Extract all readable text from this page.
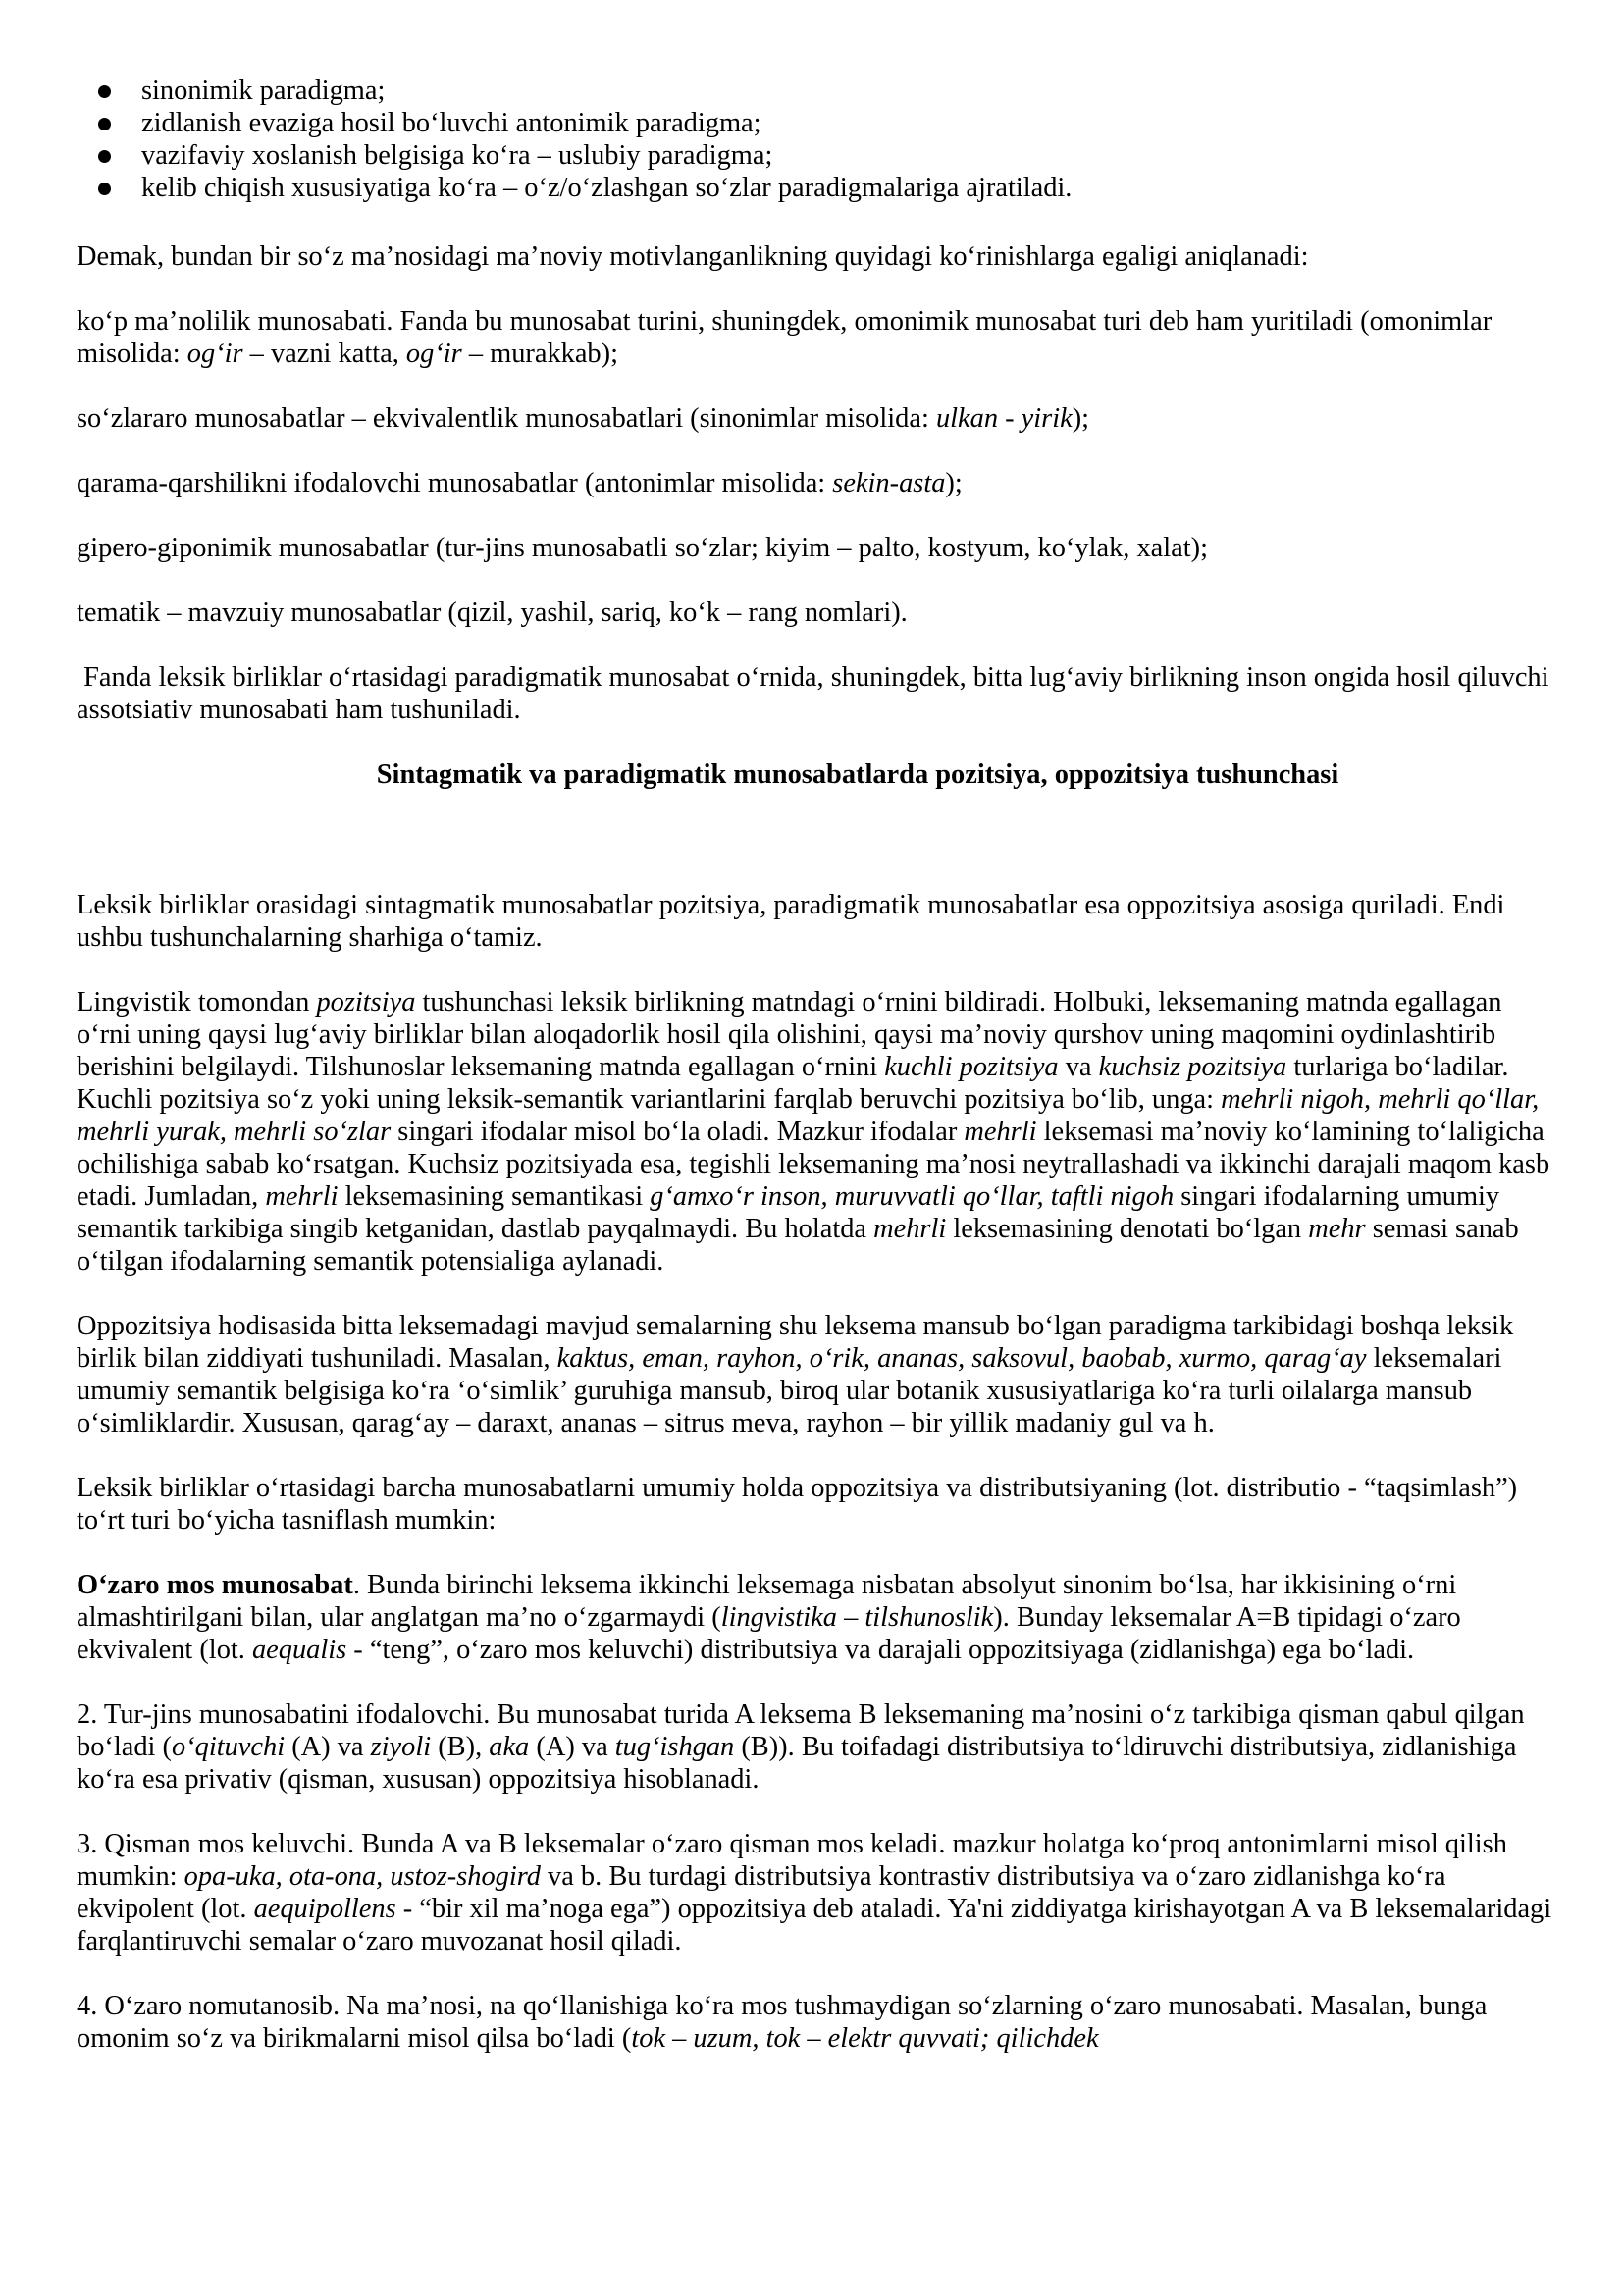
sinonimik paradigma;
zidlanish evaziga hosil bo‘luvchi antonimik paradigma;
vazifaviy xoslanish belgisiga ko‘ra – uslubiy paradigma;
kelib chiqish xususiyatiga ko‘ra – o‘z/o‘zlashgan so‘zlar paradigmalariga ajratiladi.

Demak, bundan bir so‘z ma’nosidagi ma’noviy motivlanganlikning quyidagi ko‘rinishlarga egaligi aniqlanadi:

ko‘p ma’nolilik munosabati. Fanda bu munosabat turini, shuningdek, omonimik munosabat turi deb ham yuritiladi (omonimlar misolida: og‘ir – vazni katta, og‘ir – murakkab);

so‘zlararo munosabatlar – ekvivalentlik munosabatlari (sinonimlar misolida: ulkan - yirik);

qarama-qarshilikni ifodalovchi munosabatlar (antonimlar misolida: sekin-asta);

gipero-giponimik munosabatlar (tur-jins munosabatli so‘zlar; kiyim – palto, kostyum, ko‘ylak, xalat);

tematik – mavzuiy munosabatlar (qizil, yashil, sariq, ko‘k – rang nomlari).

Fanda leksik birliklar o‘rtasidagi paradigmatik munosabat o‘rnida, shuningdek, bitta lug‘aviy birlikning inson ongida hosil qiluvchi assotsiativ munosabati ham tushuniladi.

Sintagmatik va paradigmatik munosabatlarda pozitsiya, oppozitsiya tushunchasi

Leksik birliklar orasidagi sintagmatik munosabatlar pozitsiya, paradigmatik munosabatlar esa oppozitsiya asosiga quriladi. Endi ushbu tushunchalarning sharhiga o‘tamiz.

Lingvistik tomondan pozitsiya tushunchasi leksik birlikning matndagi o‘rnini bildiradi. Holbuki, leksemaning matnda egallagan o‘rni uning qaysi lug‘aviy birliklar bilan aloqadorlik hosil qila olishini, qaysi ma’noviy qurshov uning maqomini oydinlashtirib berishini belgilaydi. Tilshunoslar leksemaning matnda egallagan o‘rnini kuchli pozitsiya va kuchsiz pozitsiya turlariga bo‘ladilar. Kuchli pozitsiya so‘z yoki uning leksik-semantik variantlarini farqlab beruvchi pozitsiya bo‘lib, unga: mehrli nigoh, mehrli qo‘llar, mehrli yurak, mehrli so‘zlar singari ifodalar misol bo‘la oladi. Mazkur ifodalar mehrli leksemasi ma’noviy ko‘lamining to‘laligicha ochilishiga sabab ko‘rsatgan. Kuchsiz pozitsiyada esa, tegishli leksemaning ma’nosi neytrallashadi va ikkinchi darajali maqom kasb etadi. Jumladan, mehrli leksemasining semantikasi g‘amxo‘r inson, muruvvatli qo‘llar, taftli nigoh singari ifodalarning umumiy semantik tarkibiga singib ketganidan, dastlab payqalmaydi. Bu holatda mehrli leksemasining denotati bo‘lgan mehr semasi sanab o‘tilgan ifodalarning semantik potensialiga aylanadi.

Oppozitsiya hodisasida bitta leksemadagi mavjud semalarning shu leksema mansub bo‘lgan paradigma tarkibidagi boshqa leksik birlik bilan ziddiyati tushuniladi. Masalan, kaktus, eman, rayhon, o‘rik, ananas, saksovul, baobab, xurmo, qarag‘ay leksemalari umumiy semantik belgisiga ko‘ra ‘o‘simlik’ guruhiga mansub, biroq ular botanik xususiyatlariga ko‘ra turli oilalarga mansub o‘simliklardir. Xususan, qarag‘ay – daraxt, ananas – sitrus meva, rayhon – bir yillik madaniy gul va h.

Leksik birliklar o‘rtasidagi barcha munosabatlarni umumiy holda oppozitsiya va distributsiyaning (lot. distributio - “taqsimlash”) to‘rt turi bo‘yicha tasniflash mumkin:

O‘zaro mos munosabat. Bunda birinchi leksema ikkinchi leksemaga nisbatan absolyut sinonim bo‘lsa, har ikkisining o‘rni almashtirilgani bilan, ular anglatgan ma’no o‘zgarmaydi (lingvistika – tilshunoslik). Bunday leksemalar A=B tipidagi o‘zaro ekvivalent (lot. aequalis - “teng”, o‘zaro mos keluvchi) distributsiya va darajali oppozitsiyaga (zidlanishga) ega bo‘ladi.

2. Tur-jins munosabatini ifodalovchi. Bu munosabat turida A leksema B leksemaning ma’nosini o‘z tarkibiga qisman qabul qilgan bo‘ladi (o‘qituvchi (A) va ziyoli (B), aka (A) va tug‘ishgan (B)). Bu toifadagi distributsiya to‘ldiruvchi distributsiya, zidlanishiga ko‘ra esa privativ (qisman, xususan) oppozitsiya hisoblanadi.

3. Qisman mos keluvchi. Bunda A va B leksemalar o‘zaro qisman mos keladi. mazkur holatga ko‘proq antonimlarni misol qilish mumkin: opa-uka, ota-ona, ustoz-shogird va b. Bu turdagi distributsiya kontrastiv distributsiya va o‘zaro zidlanishga ko‘ra ekvipolent (lot. aequipollens - “bir xil ma’noga ega”) oppozitsiya deb ataladi. Ya'ni ziddiyatga kirishayotgan A va B leksemalaridagi farqlantiruvchi semalar o‘zaro muvozanat hosil qiladi.

4. O‘zaro nomutanosib. Na ma’nosi, na qo‘llanishiga ko‘ra mos tushmaydigan so‘zlarning o‘zaro munosabati. Masalan, bunga omonim so‘z va birikmalarni misol qilsa bo‘ladi (tok – uzum, tok – elektr quvvati; qilichdek
